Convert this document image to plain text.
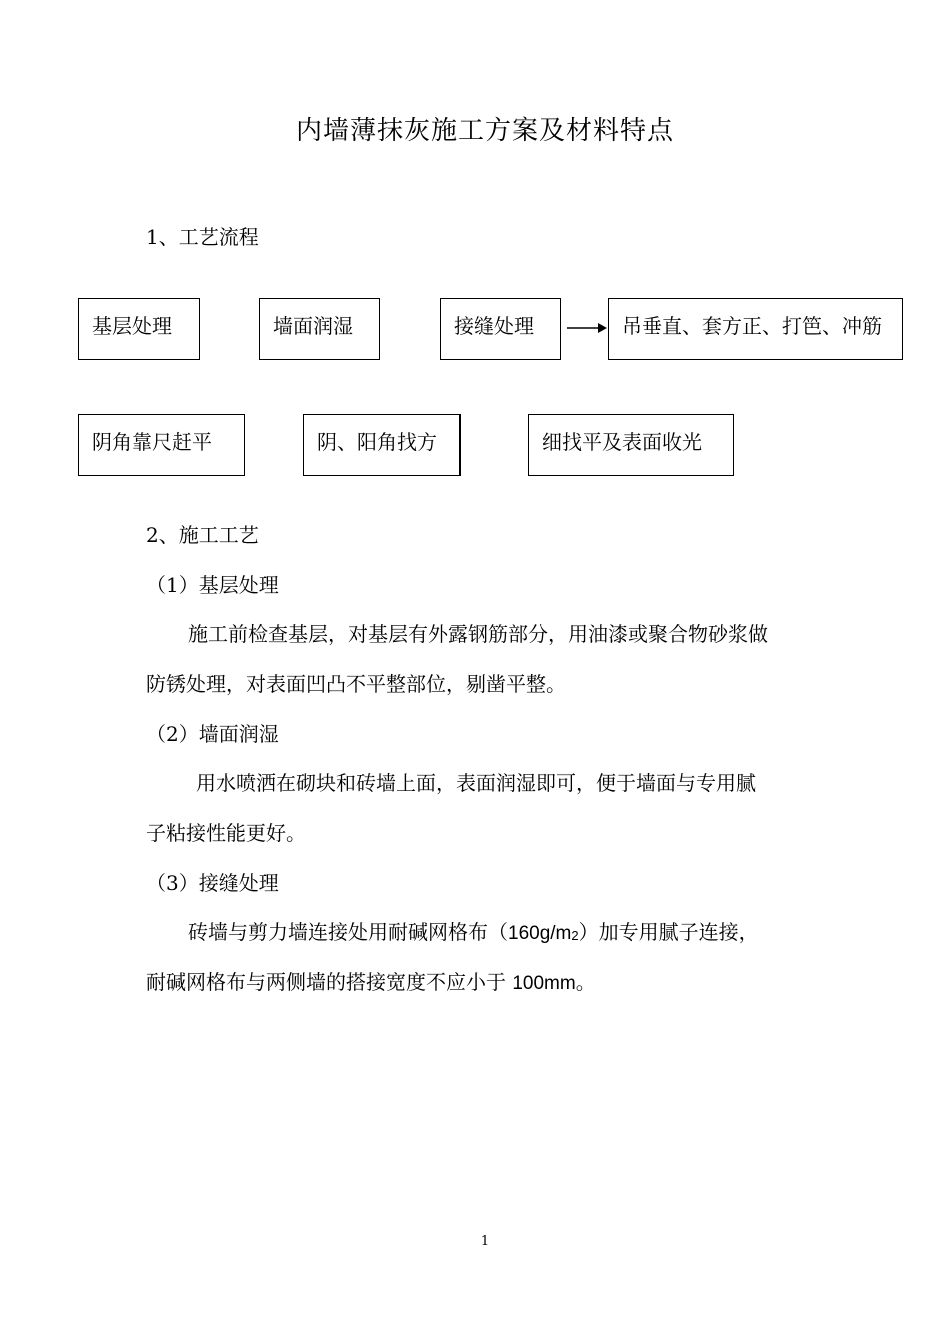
内墙薄抹灰施工方案及材料特点
1、工艺流程
基层处理	墙面润湿	接缝处理	吊垂直、套方正、打笆、冲筋
阴角靠尺赶平	阴、阳角找方	细找平及表面收光
2、施工工艺
（1）基层处理
施工前检查基层，对基层有外露钢筋部分，用油漆或聚合物砂浆做
防锈处理，对表面凹凸不平整部位，剔凿平整。
（2）墙面润湿
用水喷洒在砌块和砖墙上面，表面润湿即可，便于墙面与专用腻
子粘接性能更好。
（3）接缝处理
砖墙与剪力墙连接处用耐碱网格布（160g/m2）加专用腻子连接，
耐碱网格布与两侧墙的搭接宽度不应小于 100mm。
1
